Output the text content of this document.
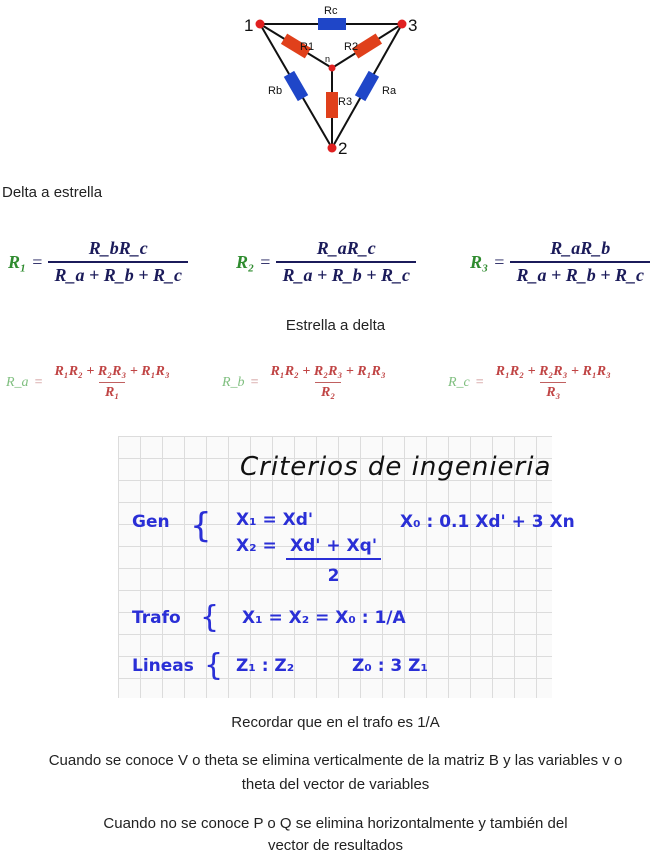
1	3
2
n
Rc
R1	R2
Rb	Ra
R3
Delta a estrella
$R_1 = \frac{R\_bR\_c}{R\_a + R\_b + R\_c}$	$R_2 = \frac{R\_aR\_c}{R\_a + R\_b + R\_c}$	$R_3 = \frac{R\_aR\_b}{R\_a + R\_b + R\_c}$
Estrella a delta
R_a = $\frac{\text{R₁R₂ + R₂R₃ + R₁R₃}}{\text{R₁}}$	R_b = $\frac{\text{R₁R₂ + R₂R₃ + R₁R₃}}{\text{R₂}}$	R_c = $\frac{\text{R₁R₂ + R₂R₃ + R₁R₃}}{\text{R₃}}$
Criterios de ingenieria
Gen { X₁ = Xd'
$X_2 = \frac{Xd' + Xq'}{2}$
X₀ : 0.1 Xd' + 3 Xn
Trafo { X₁ = X₂ = X₀ : 1/A
Lineas { Z₁ : Z₂	Z₀ : 3 Z₁
Recordar que en el trafo es 1/A
Cuando se conoce V o theta se elimina verticalmente de la matriz B y las variables v o
theta del vector de variables
Cuando no se conoce P o Q se elimina horizontalmente y también del
vector de resultados
